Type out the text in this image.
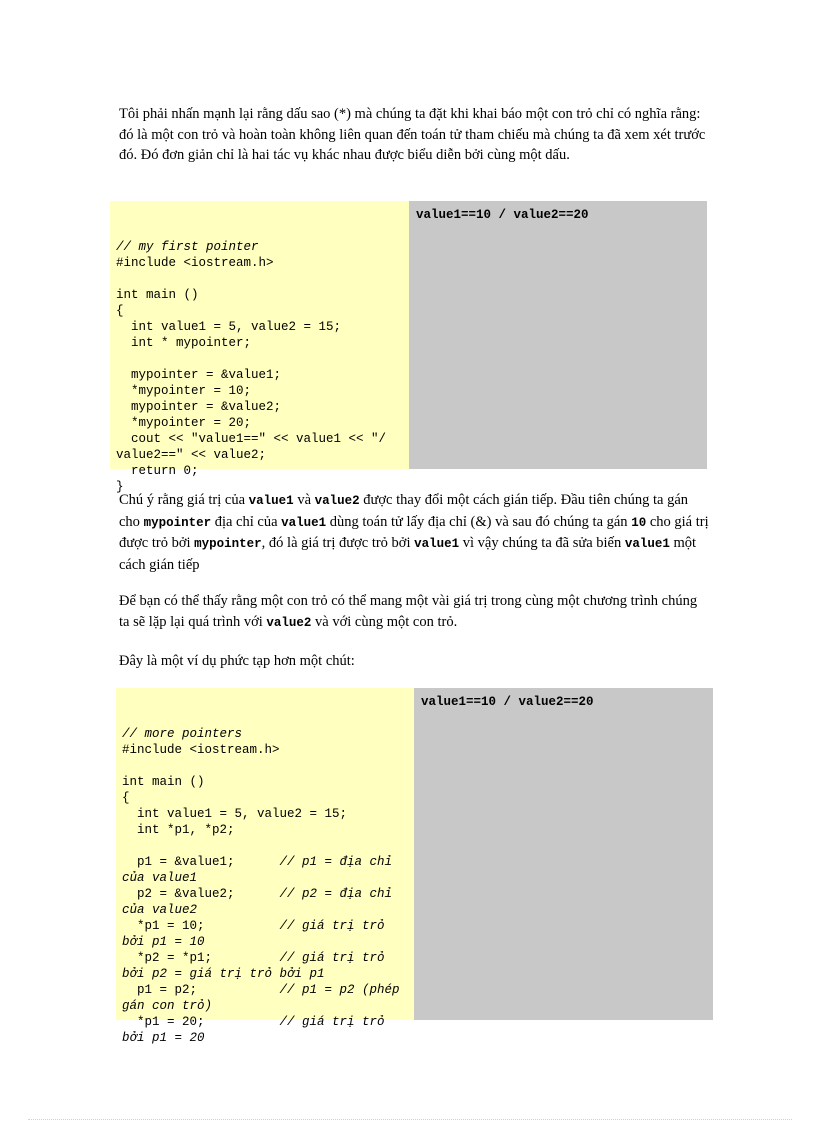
Tôi phải nhấn mạnh lại rằng dấu sao (*) mà chúng ta đặt khi khai báo một con trỏ chỉ có nghĩa rằng: đó là một con trỏ và hoàn toàn không liên quan đến toán tử tham chiếu mà chúng ta đã xem xét trước đó. Đó đơn giản chỉ là hai tác vụ khác nhau được biểu diễn bởi cùng một dấu.

// my first pointer
#include <iostream.h>
int main ()
{
int value1 = 5, value2 = 15;
int * mypointer;
mypointer = &value1;
*mypointer = 10;
mypointer = &value2;
*mypointer = 20;
cout << "value1==" << value1 << "/
value2==" << value2;
return 0;
}

value1==10 / value2==20

Chú ý rằng giá trị của value1 và value2 được thay đổi một cách gián tiếp. Đầu tiên chúng ta gán cho mypointer địa chỉ của value1 dùng toán tử lấy địa chỉ (&) và sau đó chúng ta gán 10 cho giá trị được trỏ bởi mypointer, đó là giá trị được trỏ bởi value1 vì vậy chúng ta đã sửa biến value1 một cách gián tiếp

Để bạn có thể thấy rằng một con trỏ có thể mang một vài giá trị trong cùng một chương trình chúng ta sẽ lặp lại quá trình với value2 và với cùng một con trỏ.

Đây là một ví dụ phức tạp hơn một chút:

// more pointers
#include <iostream.h>
int main ()
{
int value1 = 5, value2 = 15;
int *p1, *p2;
p1 = &value1;      // p1 = địa chỉ
của value1
p2 = &value2;      // p2 = địa chỉ
của value2
*p1 = 10;          // giá trị trỏ
bởi p1 = 10
*p2 = *p1;         // giá trị trỏ
bởi p2 = giá trị trỏ bởi p1
p1 = p2;           // p1 = p2 (phép
gán con trỏ)
*p1 = 20;          // giá trị trỏ
bởi p1 = 20

value1==10 / value2==20
